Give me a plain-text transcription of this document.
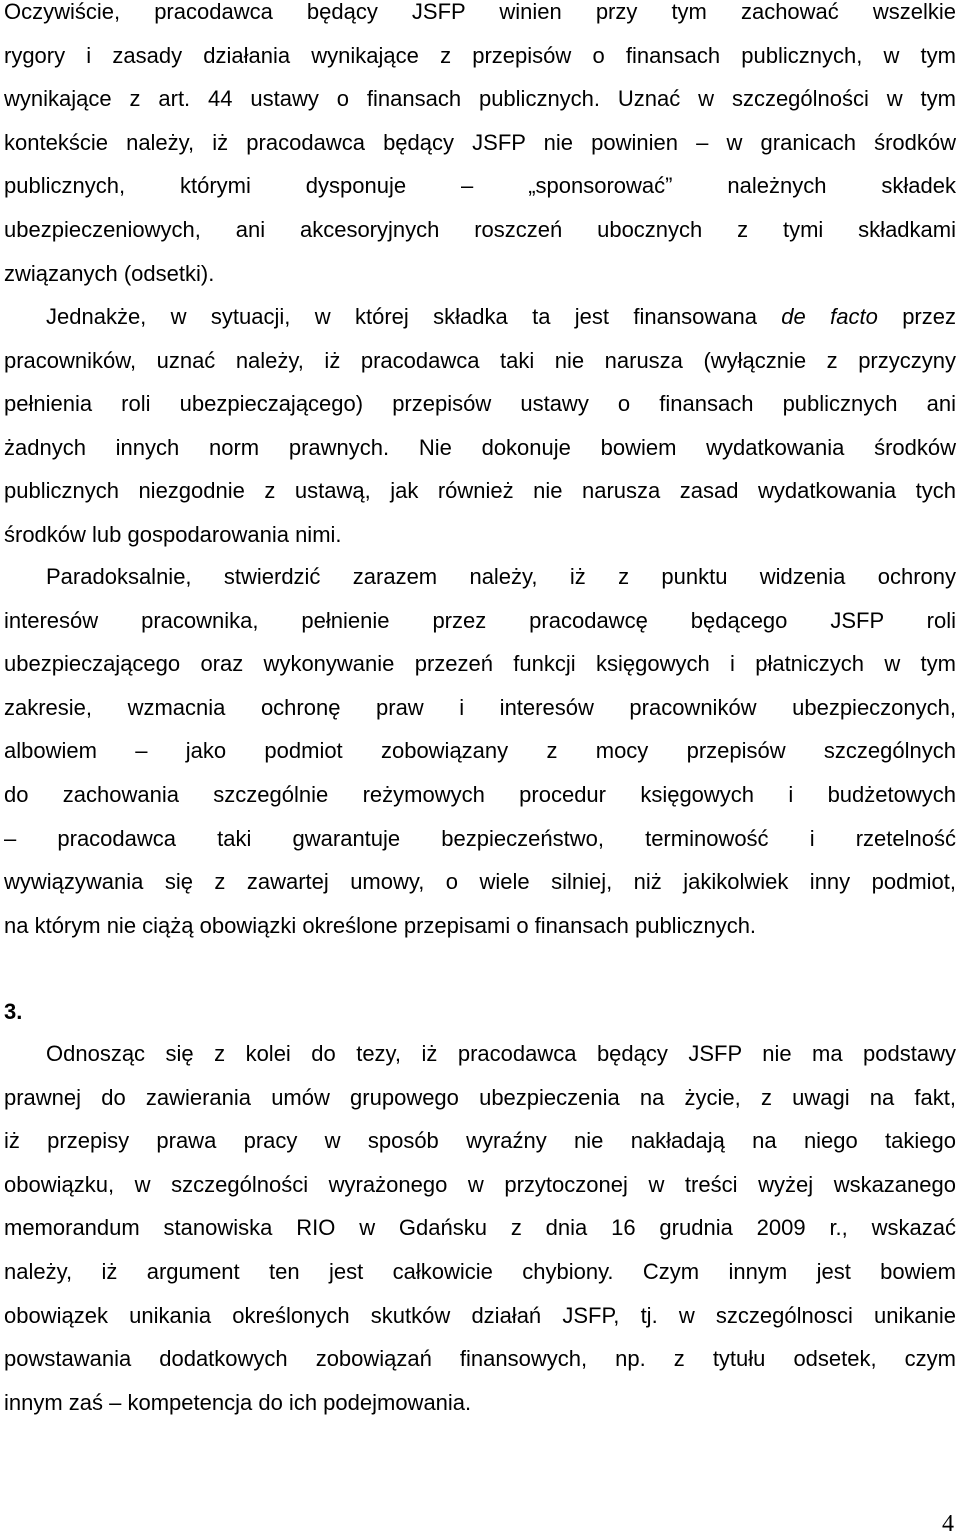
Oczywiście, pracodawca będący JSFP winien przy tym zachować wszelkie
rygory i zasady działania wynikające z przepisów o finansach publicznych, w tym
wynikające z art. 44 ustawy o finansach publicznych. Uznać w szczególności w tym
kontekście należy, iż pracodawca będący JSFP nie powinien – w granicach środków
publicznych, którymi dysponuje – „sponsorować” należnych składek
ubezpieczeniowych, ani akcesoryjnych roszczeń ubocznych z tymi składkami
związanych (odsetki).
Jednakże, w sytuacji, w której składka ta jest finansowana de facto przez
pracowników, uznać należy, iż pracodawca taki nie narusza (wyłącznie z przyczyny
pełnienia roli ubezpieczającego) przepisów ustawy o finansach publicznych ani
żadnych innych norm prawnych. Nie dokonuje bowiem wydatkowania środków
publicznych niezgodnie z ustawą, jak również nie narusza zasad wydatkowania tych
środków lub gospodarowania nimi.
Paradoksalnie, stwierdzić zarazem należy, iż z punktu widzenia ochrony
interesów pracownika, pełnienie przez pracodawcę będącego JSFP roli
ubezpieczającego oraz wykonywanie przezeń funkcji księgowych i płatniczych w tym
zakresie, wzmacnia ochronę praw i interesów pracowników ubezpieczonych,
albowiem – jako podmiot zobowiązany z mocy przepisów szczególnych
do zachowania szczególnie reżymowych procedur księgowych i budżetowych
– pracodawca taki gwarantuje bezpieczeństwo, terminowość i rzetelność
wywiązywania się z zawartej umowy, o wiele silniej, niż jakikolwiek inny podmiot,
na którym nie ciążą obowiązki określone przepisami o finansach publicznych.
3.
Odnosząc się z kolei do tezy, iż pracodawca będący JSFP nie ma podstawy
prawnej do zawierania umów grupowego ubezpieczenia na życie, z uwagi na fakt,
iż przepisy prawa pracy w sposób wyraźny nie nakładają na niego takiego
obowiązku, w szczególności wyrażonego w przytoczonej w treści wyżej wskazanego
memorandum stanowiska RIO w Gdańsku z dnia 16 grudnia 2009 r., wskazać
należy, iż argument ten jest całkowicie chybiony. Czym innym jest bowiem
obowiązek unikania określonych skutków działań JSFP, tj. w szczególnosci unikanie
powstawania dodatkowych zobowiązań finansowych, np. z tytułu odsetek, czym
innym zaś – kompetencja do ich podejmowania.
4
